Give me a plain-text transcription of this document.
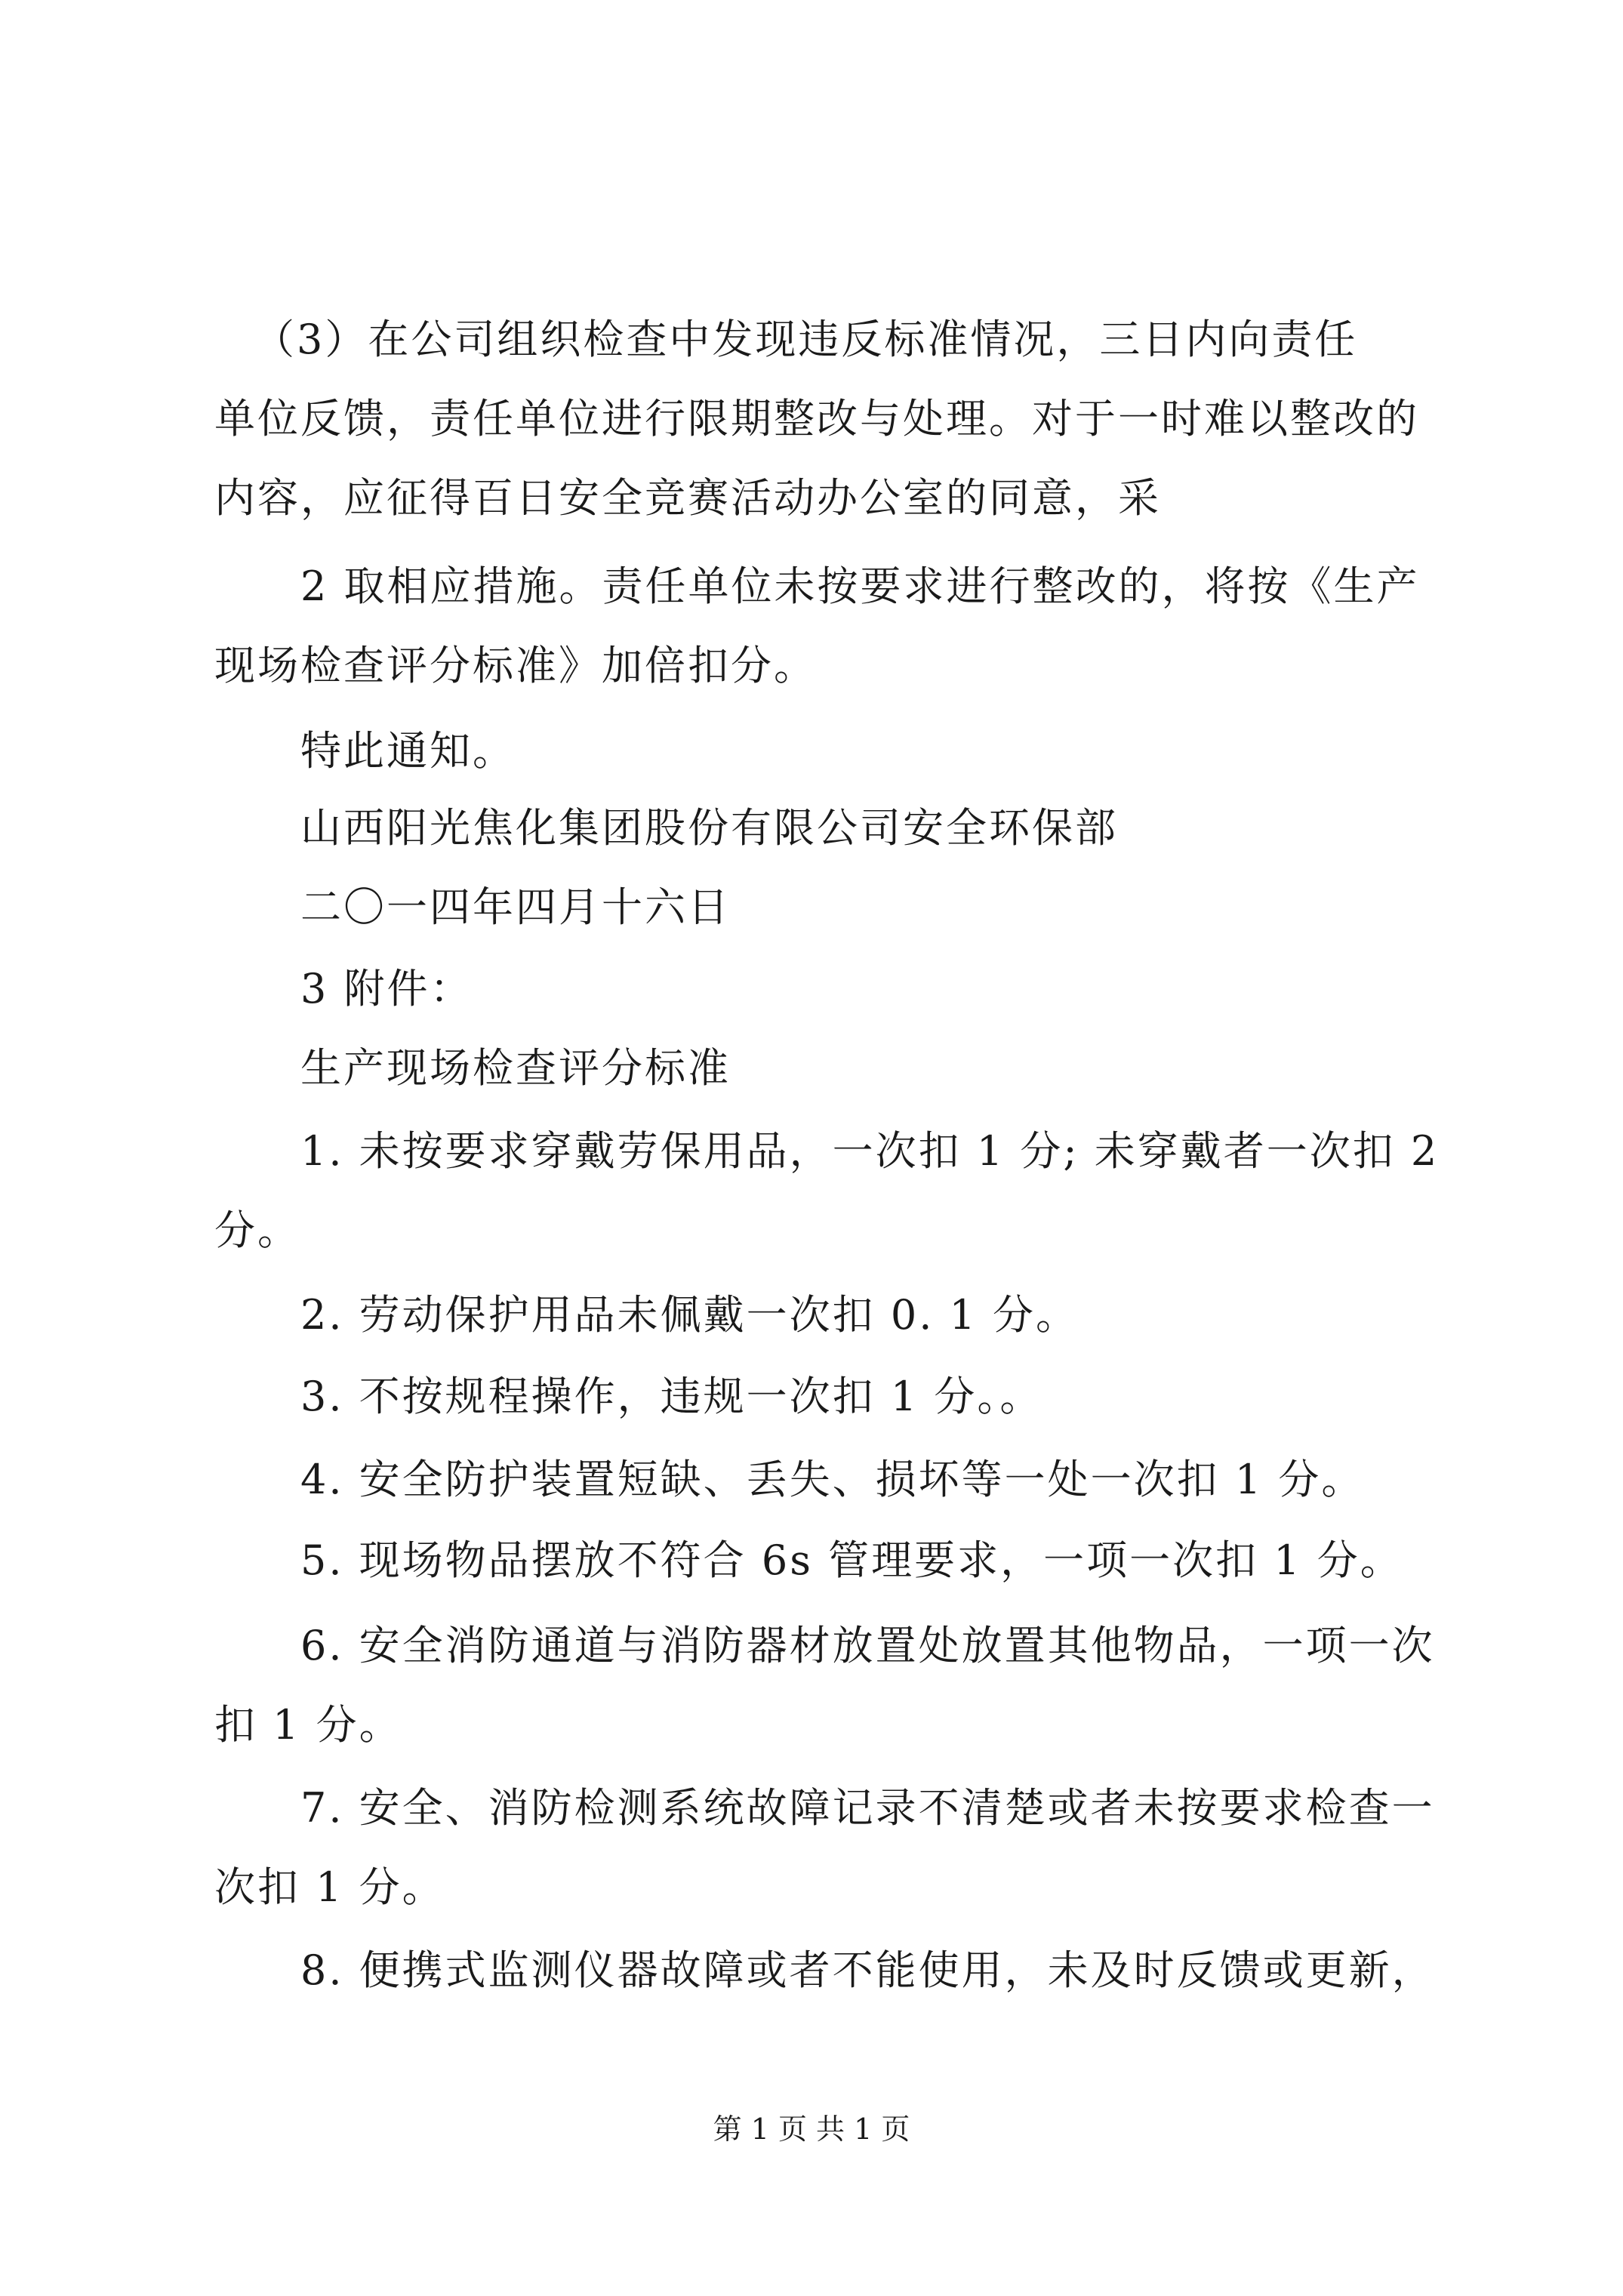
（3）在公司组织检查中发现违反标准情况，三日内向责任
单位反馈，责任单位进行限期整改与处理。对于一时难以整改的
内容，应征得百日安全竞赛活动办公室的同意，采
2 取相应措施。责任单位未按要求进行整改的，将按《生产
现场检查评分标准》加倍扣分。
特此通知。
山西阳光焦化集团股份有限公司安全环保部
二〇一四年四月十六日
3 附件：
生产现场检查评分标准
1. 未按要求穿戴劳保用品，一次扣 1 分; 未穿戴者一次扣 2
分。
2. 劳动保护用品未佩戴一次扣 0. 1 分。
3. 不按规程操作，违规一次扣 1 分。。
4. 安全防护装置短缺、丢失、损坏等一处一次扣 1 分。
5. 现场物品摆放不符合 6s 管理要求，一项一次扣 1 分。
6. 安全消防通道与消防器材放置处放置其他物品，一项一次
扣 1 分。
7. 安全、消防检测系统故障记录不清楚或者未按要求检查一
次扣 1 分。
8. 便携式监测仪器故障或者不能使用，未及时反馈或更新，
第 1 页 共 1 页
